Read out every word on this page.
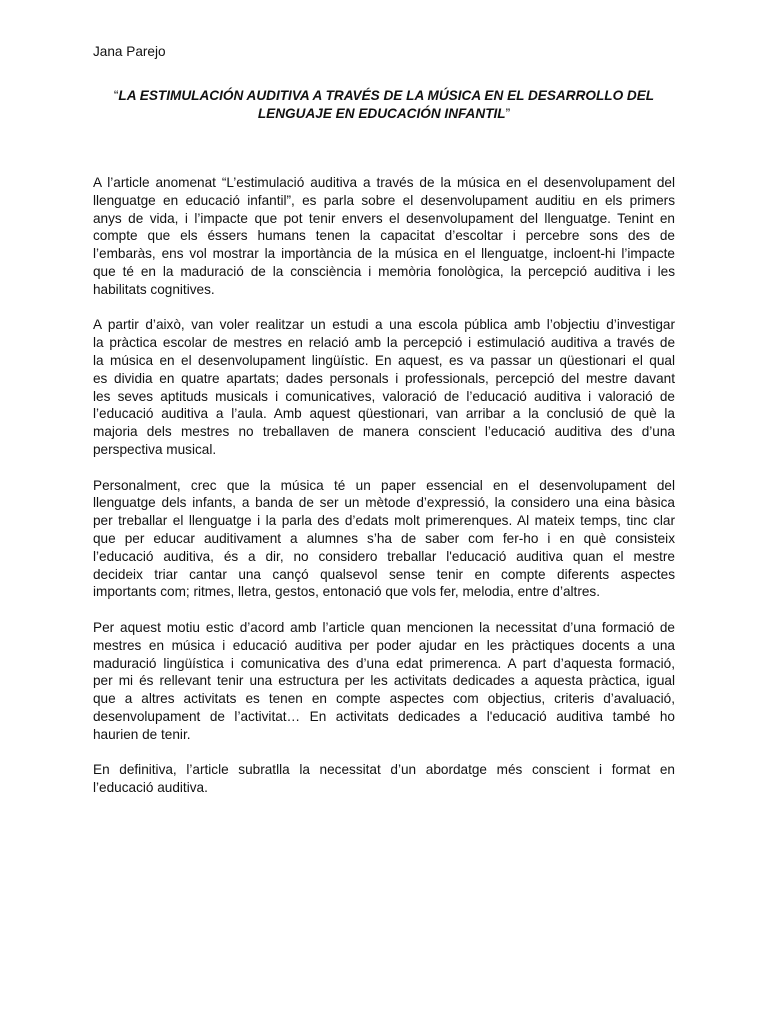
Jana Parejo
“LA ESTIMULACIÓN AUDITIVA A TRAVÉS DE LA MÚSICA EN EL DESARROLLO DEL
LENGUAJE EN EDUCACIÓN INFANTIL”
A l’article anomenat “L’estimulació auditiva a través de la música en el desenvolupament del
llenguatge en educació infantil”, es parla sobre el desenvolupament auditiu en els primers
anys de vida, i l’impacte que pot tenir envers el desenvolupament del llenguatge. Tenint en
compte que els éssers humans tenen la capacitat d’escoltar i percebre sons des de
l’embaràs, ens vol mostrar la importància de la música en el llenguatge, incloent-hi l’impacte
que té en la maduració de la consciència i memòria fonològica, la percepció auditiva i les
habilitats cognitives.
A partir d’això, van voler realitzar un estudi a una escola pública amb l’objectiu d’investigar
la pràctica escolar de mestres en relació amb la percepció i estimulació auditiva a través de
la música en el desenvolupament lingüístic. En aquest, es va passar un qüestionari el qual
es dividia en quatre apartats; dades personals i professionals, percepció del mestre davant
les seves aptituds musicals i comunicatives, valoració de l’educació auditiva i valoració de
l’educació auditiva a l’aula. Amb aquest qüestionari, van arribar a la conclusió de què la
majoria dels mestres no treballaven de manera conscient l’educació auditiva des d’una
perspectiva musical.
Personalment, crec que la música té un paper essencial en el desenvolupament del
llenguatge dels infants, a banda de ser un mètode d’expressió, la considero una eina bàsica
per treballar el llenguatge i la parla des d’edats molt primerenques. Al mateix temps, tinc clar
que per educar auditivament a alumnes s’ha de saber com fer-ho i en què consisteix
l’educació auditiva, és a dir, no considero treballar l'educació auditiva quan el mestre
decideix triar cantar una cançó qualsevol sense tenir en compte diferents aspectes
importants com; ritmes, lletra, gestos, entonació que vols fer, melodia, entre d’altres.
Per aquest motiu estic d’acord amb l’article quan mencionen la necessitat d’una formació de
mestres en música i educació auditiva per poder ajudar en les pràctiques docents a una
maduració lingüística i comunicativa des d’una edat primerenca. A part d’aquesta formació,
per mi és rellevant tenir una estructura per les activitats dedicades a aquesta pràctica, igual
que a altres activitats es tenen en compte aspectes com objectius, criteris d’avaluació,
desenvolupament de l’activitat… En activitats dedicades a l'educació auditiva també ho
haurien de tenir.
En definitiva, l’article subratlla la necessitat d’un abordatge més conscient i format en
l’educació auditiva.
